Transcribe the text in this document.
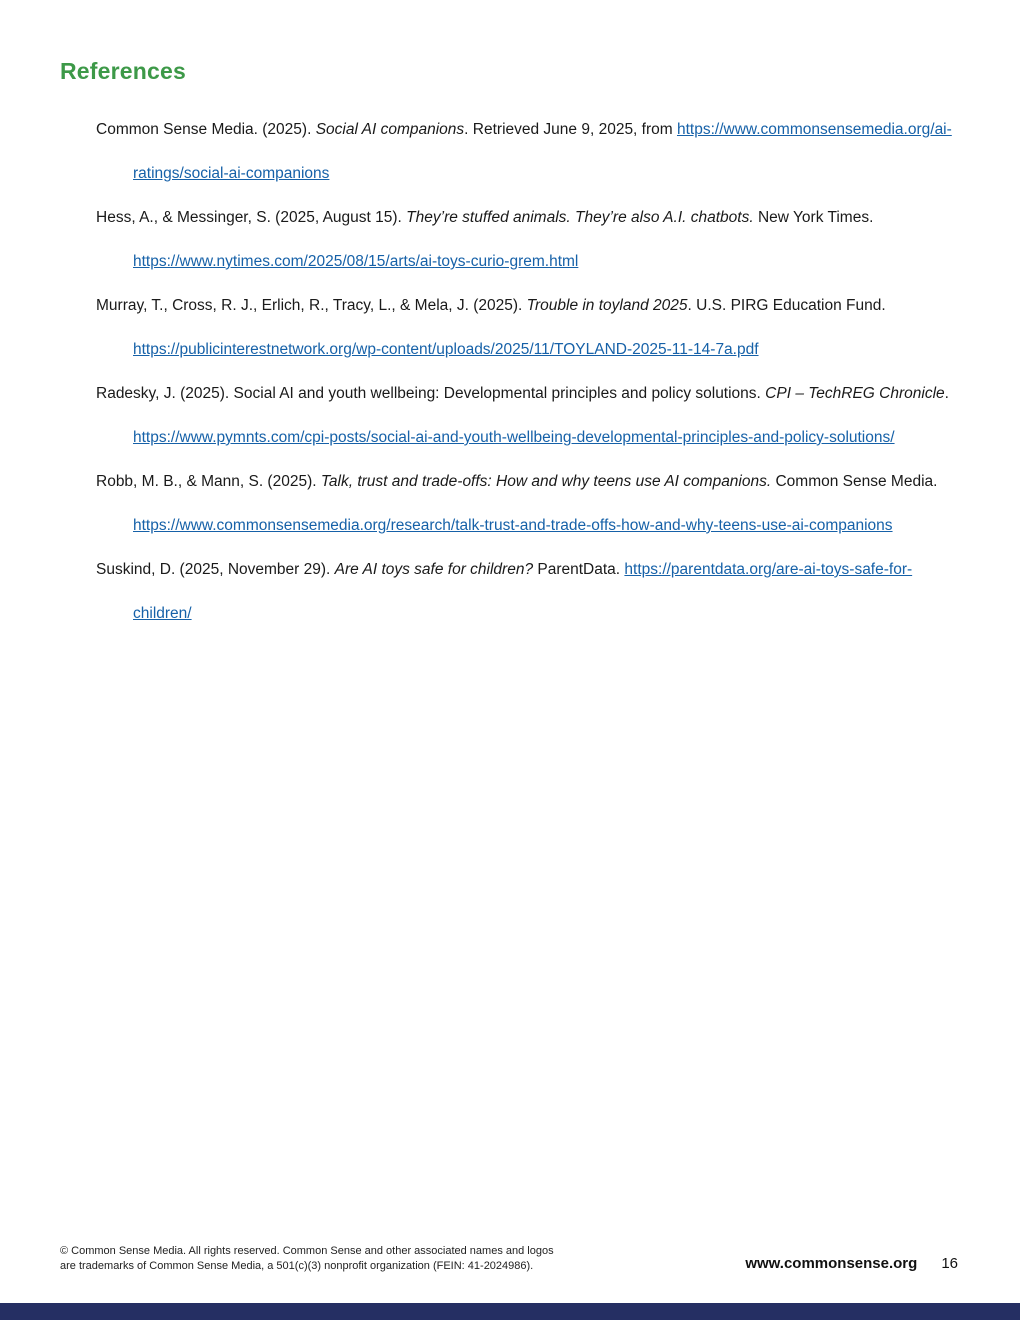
References

Common Sense Media. (2025). Social AI companions. Retrieved June 9, 2025, from https://www.commonsensemedia.org/ai-ratings/social-ai-companions

Hess, A., & Messinger, S. (2025, August 15). They’re stuffed animals. They’re also A.I. chatbots. New York Times. https://www.nytimes.com/2025/08/15/arts/ai-toys-curio-grem.html

Murray, T., Cross, R. J., Erlich, R., Tracy, L., & Mela, J. (2025). Trouble in toyland 2025. U.S. PIRG Education Fund. https://publicinterestnetwork.org/wp-content/uploads/2025/11/TOYLAND-2025-11-14-7a.pdf

Radesky, J. (2025). Social AI and youth wellbeing: Developmental principles and policy solutions. CPI – TechREG Chronicle. https://www.pymnts.com/cpi-posts/social-ai-and-youth-wellbeing-developmental-principles-and-policy-solutions/

Robb, M. B., & Mann, S. (2025). Talk, trust and trade-offs: How and why teens use AI companions. Common Sense Media. https://www.commonsensemedia.org/research/talk-trust-and-trade-offs-how-and-why-teens-use-ai-companions

Suskind, D. (2025, November 29). Are AI toys safe for children? ParentData. https://parentdata.org/are-ai-toys-safe-for-children/

© Common Sense Media. All rights reserved. Common Sense and other associated names and logos
are trademarks of Common Sense Media, a 501(c)(3) nonprofit organization (FEIN: 41-2024986).	www.commonsense.org 16
